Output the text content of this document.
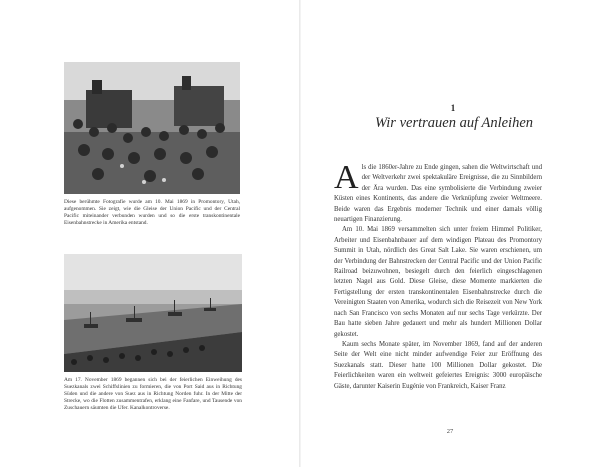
Diese berühmte Fotografie wurde am 10. Mai 1869 in Promontory, Utah, aufgenommen. Sie zeigt, wie die Gleise der Union Pacific und der Central Pacific miteinander verbunden wurden und so die erste transkontinentale Eisenbahnstrecke in Amerika entstand.
Am 17. November 1869 begannen sich bei der feierlichen Einweihung des Suezkanals zwei Schiffslinien zu formieren, die von Port Said aus in Richtung Süden und die andere von Suez aus in Richtung Norden fuhr. In der Mitte der Strecke, wo die Flotten zusammentrafen, erklang eine Fanfare, und Tausende von Zuschauern säumten die Ufer. Kanalkontroverse.
1
Wir vertrauen auf Anleihen

Als die 1860er-Jahre zu Ende gingen, sahen die Weltwirtschaft und der Weltverkehr zwei spektakuläre Ereignisse, die zu Sinnbildern der Ära wurden. Das eine symbolisierte die Verbindung zweier Küsten eines Kontinents, das andere die Verknüpfung zweier Weltmeere. Beide waren das Ergebnis moderner Technik und einer damals völlig neuartigen Finanzierung.

Am 10. Mai 1869 versammelten sich unter freiem Himmel Politiker, Arbeiter und Eisenbahnbauer auf dem windigen Plateau des Promontory Summit in Utah, nördlich des Great Salt Lake. Sie waren erschienen, um der Verbindung der Bahnstrecken der Central Pacific und der Union Pacific Railroad beizuwohnen, besiegelt durch den feierlich eingeschlagenen letzten Nagel aus Gold. Diese Gleise, diese Momente markierten die Fertigstellung der ersten transkontinentalen Eisenbahnstrecke durch die Vereinigten Staaten von Amerika, wodurch sich die Reisezeit von New York nach San Francisco von sechs Monaten auf nur sechs Tage verkürzte. Der Bau hatte sieben Jahre gedauert und mehr als hundert Millionen Dollar gekostet.

Kaum sechs Monate später, im November 1869, fand auf der anderen Seite der Welt eine nicht minder aufwendige Feier zur Eröffnung des Suezkanals statt. Dieser hatte 100 Millionen Dollar gekostet. Die Feierlichkeiten waren ein weltweit gefeiertes Ereignis: 3000 europäische Gäste, darunter Kaiserin Eugénie von Frankreich, Kaiser Franz

27
